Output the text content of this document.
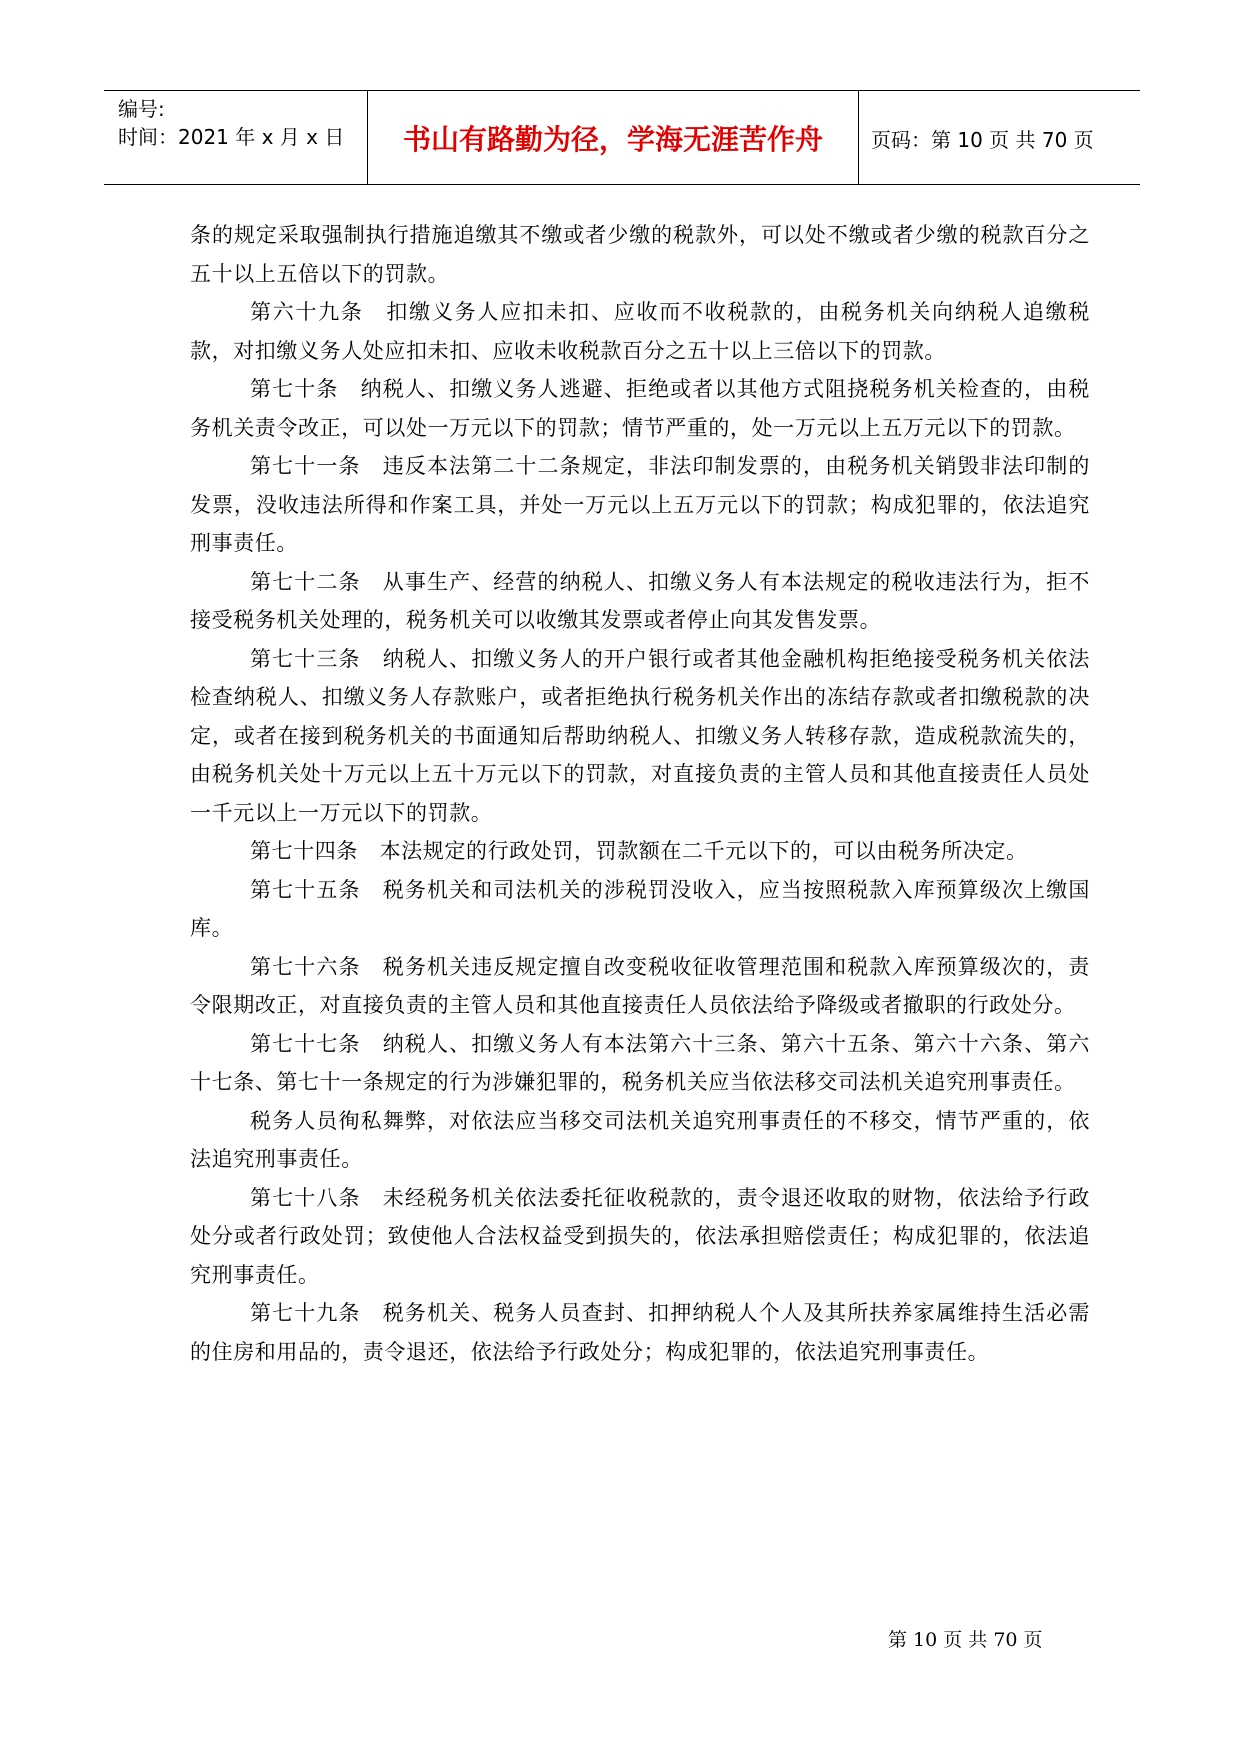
编号:
时间：2021 年 x 月 x 日	书山有路勤为径，学海无涯苦作舟	页码：第 10 页 共 70 页

条的规定采取强制执行措施追缴其不缴或者少缴的税款外，可以处不缴或者少缴的税款百分之五十以上五倍以下的罚款。

第六十九条　扣缴义务人应扣未扣、应收而不收税款的，由税务机关向纳税人追缴税款，对扣缴义务人处应扣未扣、应收未收税款百分之五十以上三倍以下的罚款。

第七十条　纳税人、扣缴义务人逃避、拒绝或者以其他方式阻挠税务机关检查的，由税务机关责令改正，可以处一万元以下的罚款；情节严重的，处一万元以上五万元以下的罚款。

第七十一条　违反本法第二十二条规定，非法印制发票的，由税务机关销毁非法印制的发票，没收违法所得和作案工具，并处一万元以上五万元以下的罚款；构成犯罪的，依法追究刑事责任。

第七十二条　从事生产、经营的纳税人、扣缴义务人有本法规定的税收违法行为，拒不接受税务机关处理的，税务机关可以收缴其发票或者停止向其发售发票。

第七十三条　纳税人、扣缴义务人的开户银行或者其他金融机构拒绝接受税务机关依法检查纳税人、扣缴义务人存款账户，或者拒绝执行税务机关作出的冻结存款或者扣缴税款的决定，或者在接到税务机关的书面通知后帮助纳税人、扣缴义务人转移存款，造成税款流失的，由税务机关处十万元以上五十万元以下的罚款，对直接负责的主管人员和其他直接责任人员处一千元以上一万元以下的罚款。

第七十四条　本法规定的行政处罚，罚款额在二千元以下的，可以由税务所决定。

第七十五条　税务机关和司法机关的涉税罚没收入，应当按照税款入库预算级次上缴国库。

第七十六条　税务机关违反规定擅自改变税收征收管理范围和税款入库预算级次的，责令限期改正，对直接负责的主管人员和其他直接责任人员依法给予降级或者撤职的行政处分。

第七十七条　纳税人、扣缴义务人有本法第六十三条、第六十五条、第六十六条、第六十七条、第七十一条规定的行为涉嫌犯罪的，税务机关应当依法移交司法机关追究刑事责任。

税务人员徇私舞弊，对依法应当移交司法机关追究刑事责任的不移交，情节严重的，依法追究刑事责任。

第七十八条　未经税务机关依法委托征收税款的，责令退还收取的财物，依法给予行政处分或者行政处罚；致使他人合法权益受到损失的，依法承担赔偿责任；构成犯罪的，依法追究刑事责任。

第七十九条　税务机关、税务人员查封、扣押纳税人个人及其所扶养家属维持生活必需的住房和用品的，责令退还，依法给予行政处分；构成犯罪的，依法追究刑事责任。

第 10 页 共 70 页
